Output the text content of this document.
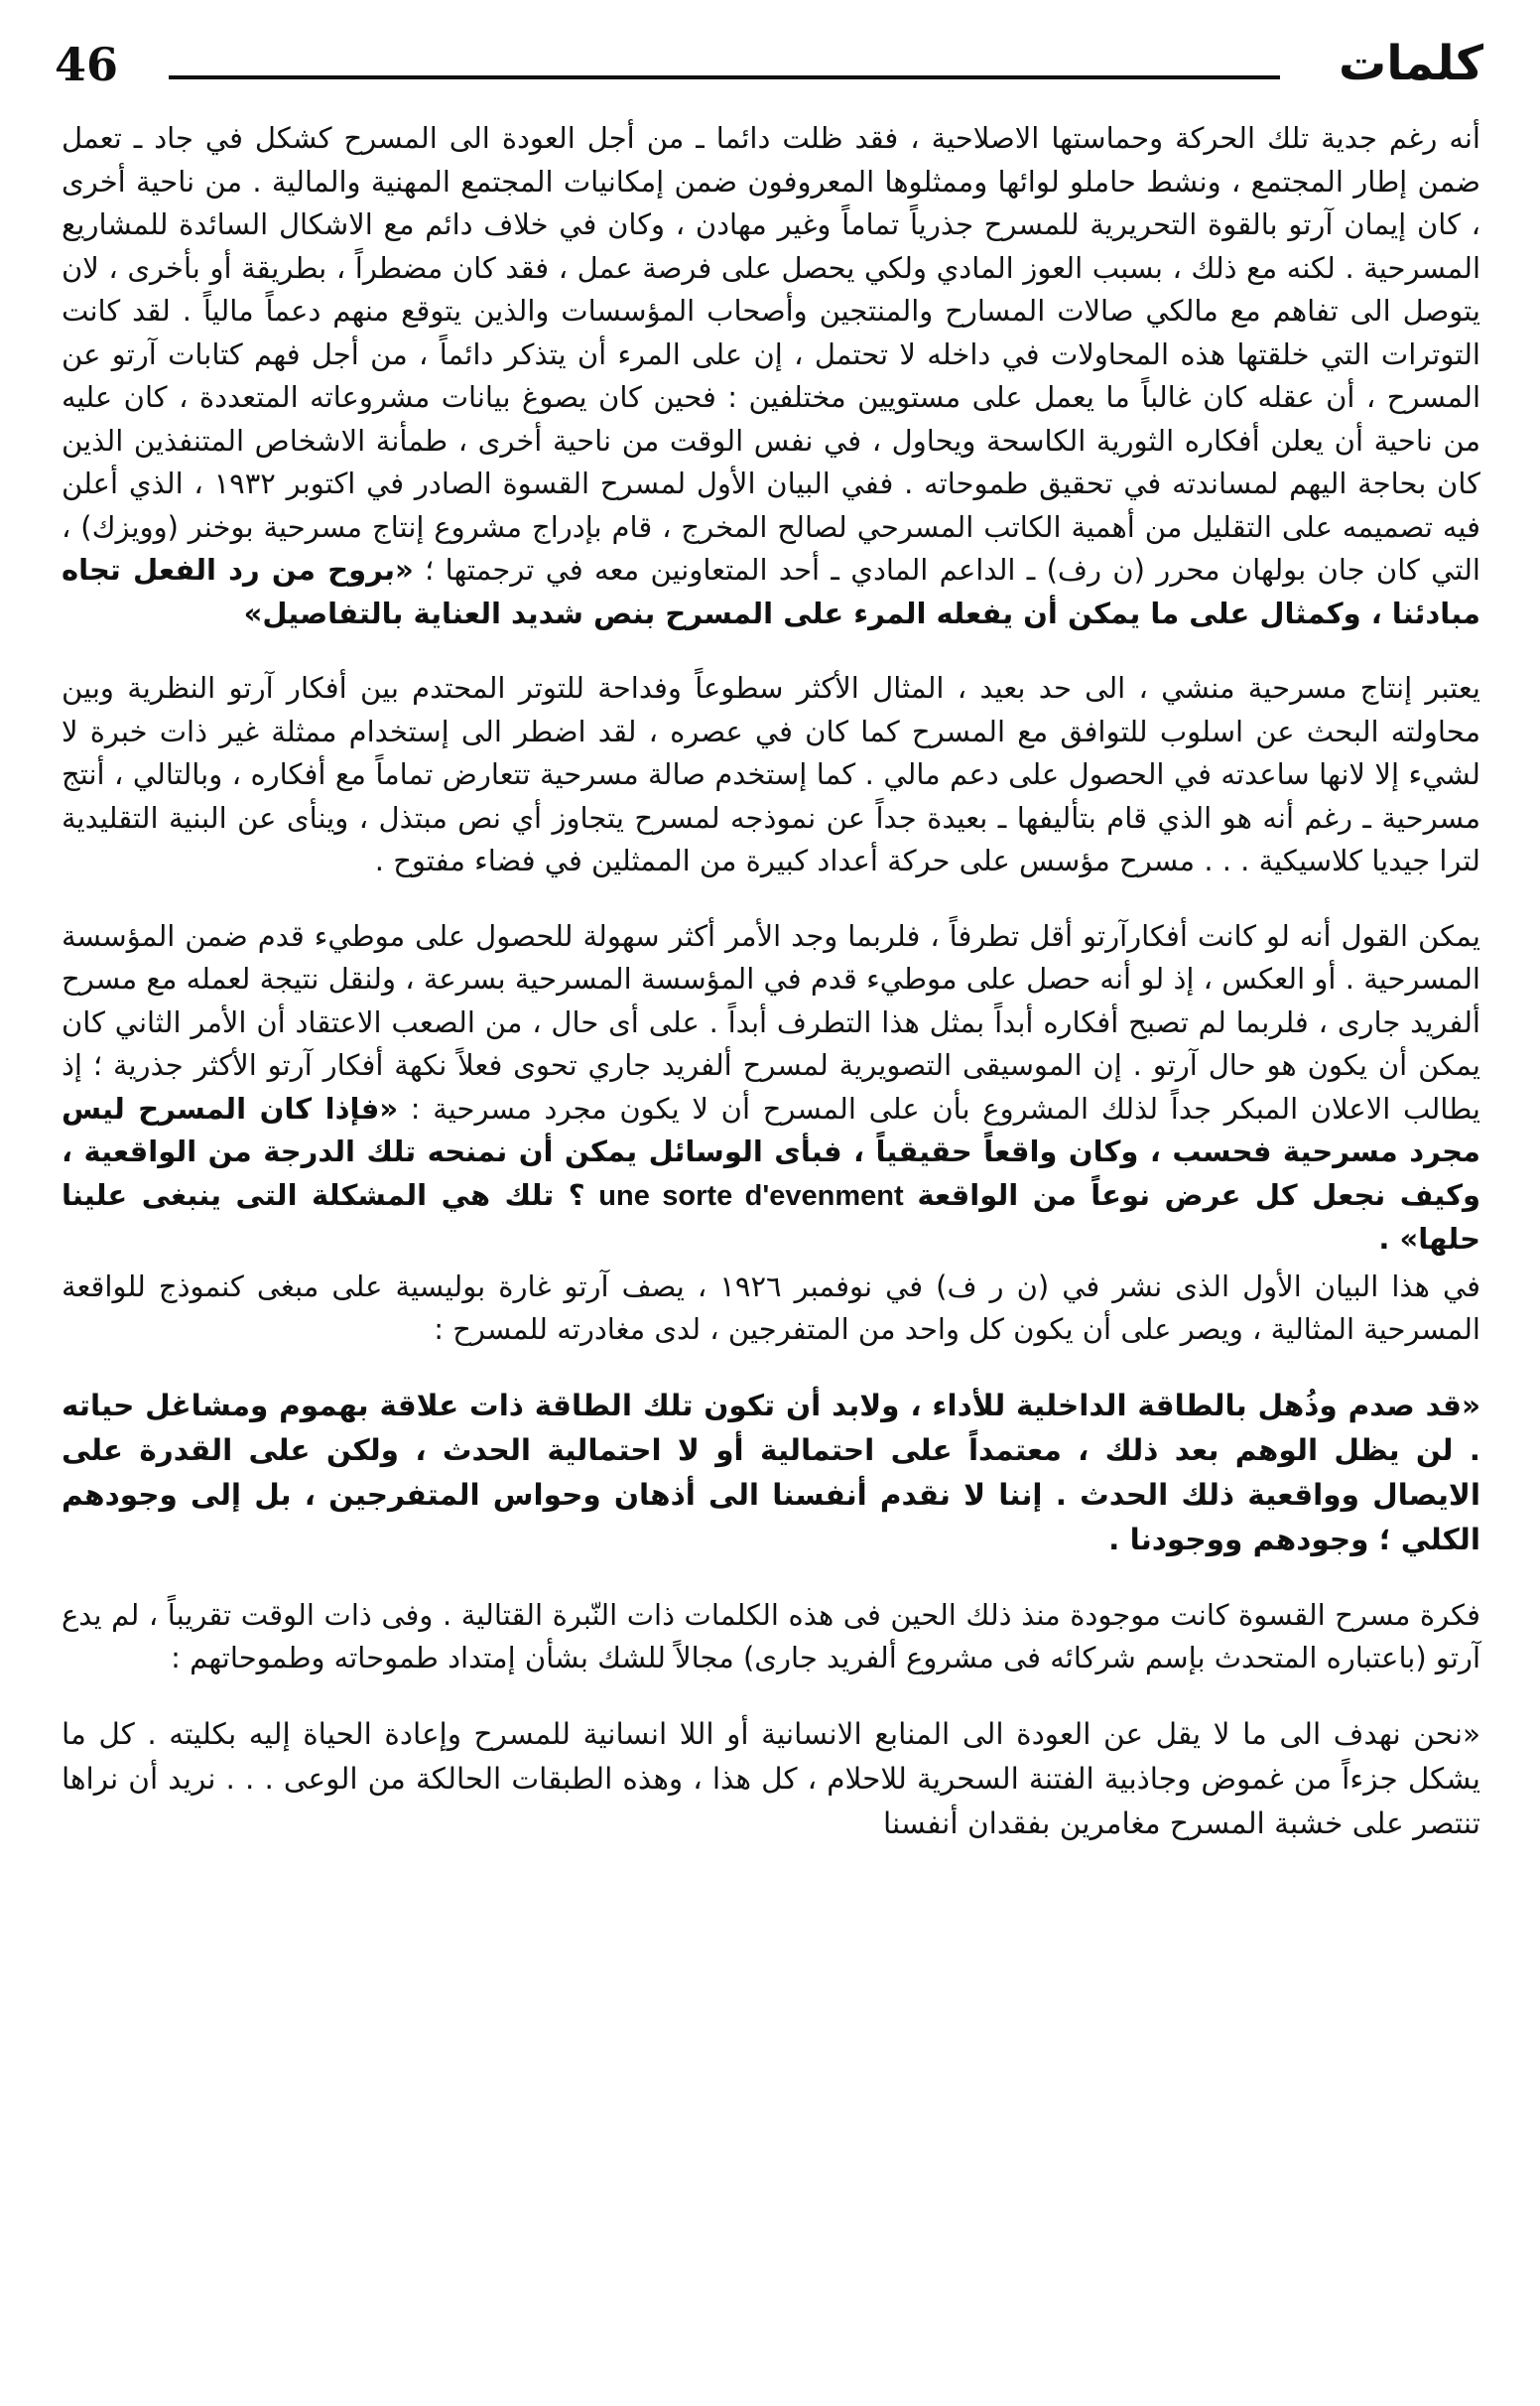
46	كلمات

أنه رغم جدية تلك الحركة وحماستها الاصلاحية ، فقد ظلت دائما ـ من أجل العودة الى المسرح كشكل في جاد ـ تعمل ضمن إطار المجتمع ، ونشط حاملو لوائها وممثلوها المعروفون ضمن إمكانيات المجتمع المهنية والمالية . من ناحية أخرى ، كان إيمان آرتو بالقوة التحريرية للمسرح جذرياً تماماً وغير مهادن ، وكان في خلاف دائم مع الاشكال السائدة للمشاريع المسرحية . لكنه مع ذلك ، بسبب العوز المادي ولكي يحصل على فرصة عمل ، فقد كان مضطراً ، بطريقة أو بأخرى ، لان يتوصل الى تفاهم مع مالكي صالات المسارح والمنتجين وأصحاب المؤسسات والذين يتوقع منهم دعماً مالياً . لقد كانت التوترات التي خلقتها هذه المحاولات في داخله لا تحتمل ، إن على المرء أن يتذكر دائماً ، من أجل فهم كتابات آرتو عن المسرح ، أن عقله كان غالباً ما يعمل على مستويين مختلفين : فحين كان يصوغ بيانات مشروعاته المتعددة ، كان عليه من ناحية أن يعلن أفكاره الثورية الكاسحة ويحاول ، في نفس الوقت من ناحية أخرى ، طمأنة الاشخاص المتنفذين الذين كان بحاجة اليهم لمساندته في تحقيق طموحاته . ففي البيان الأول لمسرح القسوة الصادر في اكتوبر ١٩٣٢ ، الذي أعلن فيه تصميمه على التقليل من أهمية الكاتب المسرحي لصالح المخرج ، قام بإدراج مشروع إنتاج مسرحية بوخنر (وويزك) ، التي كان جان بولهان محرر (ن رف) ـ الداعم المادي ـ أحد المتعاونين معه في ترجمتها ؛ «بروح من رد الفعل تجاه مبادئنا ، وكمثال على ما يمكن أن يفعله المرء على المسرح بنص شديد العناية بالتفاصيل»

يعتبر إنتاج مسرحية منشي ، الى حد بعيد ، المثال الأكثر سطوعاً وفداحة للتوتر المحتدم بين أفكار آرتو النظرية وبين محاولته البحث عن اسلوب للتوافق مع المسرح كما كان في عصره ، لقد اضطر الى إستخدام ممثلة غير ذات خبرة لا لشيء إلا لانها ساعدته في الحصول على دعم مالي . كما إستخدم صالة مسرحية تتعارض تماماً مع أفكاره ، وبالتالي ، أنتج مسرحية ـ رغم أنه هو الذي قام بتأليفها ـ بعيدة جداً عن نموذجه لمسرح يتجاوز أي نص مبتذل ، وينأى عن البنية التقليدية لترا جيديا كلاسيكية . . . مسرح مؤسس على حركة أعداد كبيرة من الممثلين في فضاء مفتوح .

يمكن القول أنه لو كانت أفكارآرتو أقل تطرفاً ، فلربما وجد الأمر أكثر سهولة للحصول على موطيء قدم ضمن المؤسسة المسرحية . أو العكس ، إذ لو أنه حصل على موطيء قدم في المؤسسة المسرحية بسرعة ، ولنقل نتيجة لعمله مع مسرح ألفريد جارى ، فلربما لم تصبح أفكاره أبداً بمثل هذا التطرف أبداً . على أى حال ، من الصعب الاعتقاد أن الأمر الثاني كان يمكن أن يكون هو حال آرتو . إن الموسيقى التصويرية لمسرح ألفريد جاري تحوى فعلاً نكهة أفكار آرتو الأكثر جذرية ؛ إذ يطالب الاعلان المبكر جداً لذلك المشروع بأن على المسرح أن لا يكون مجرد مسرحية : «فإذا كان المسرح ليس مجرد مسرحية فحسب ، وكان واقعاً حقيقياً ، فبأى الوسائل يمكن أن نمنحه تلك الدرجة من الواقعية ، وكيف نجعل كل عرض نوعاً من الواقعة une sorte d'evenment ؟ تلك هي المشكلة التى ينبغى علينا حلها» .

في هذا البيان الأول الذى نشر في (ن ر ف) في نوفمبر ١٩٢٦ ، يصف آرتو غارة بوليسية على مبغى كنموذج للواقعة المسرحية المثالية ، ويصر على أن يكون كل واحد من المتفرجين ، لدى مغادرته للمسرح :

«قد صدم وذُهل بالطاقة الداخلية للأداء ، ولابد أن تكون تلك الطاقة ذات علاقة بهموم ومشاغل حياته . لن يظل الوهم بعد ذلك ، معتمداً على احتمالية أو لا احتمالية الحدث ، ولكن على القدرة على الايصال وواقعية ذلك الحدث . إننا لا نقدم أنفسنا الى أذهان وحواس المتفرجين ، بل إلى وجودهم الكلي ؛ وجودهم ووجودنا .

فكرة مسرح القسوة كانت موجودة منذ ذلك الحين فى هذه الكلمات ذات النّبرة القتالية . وفى ذات الوقت تقريباً ، لم يدع آرتو (باعتباره المتحدث بإسم شركائه فى مشروع ألفريد جارى) مجالاً للشك بشأن إمتداد طموحاته وطموحاتهم :

«نحن نهدف الى ما لا يقل عن العودة الى المنابع الانسانية أو اللا انسانية للمسرح وإعادة الحياة إليه بكليته . كل ما يشكل جزءاً من غموض وجاذبية الفتنة السحرية للاحلام ، كل هذا ، وهذه الطبقات الحالكة من الوعى . . . نريد أن نراها تنتصر على خشبة المسرح مغامرين بفقدان أنفسنا
